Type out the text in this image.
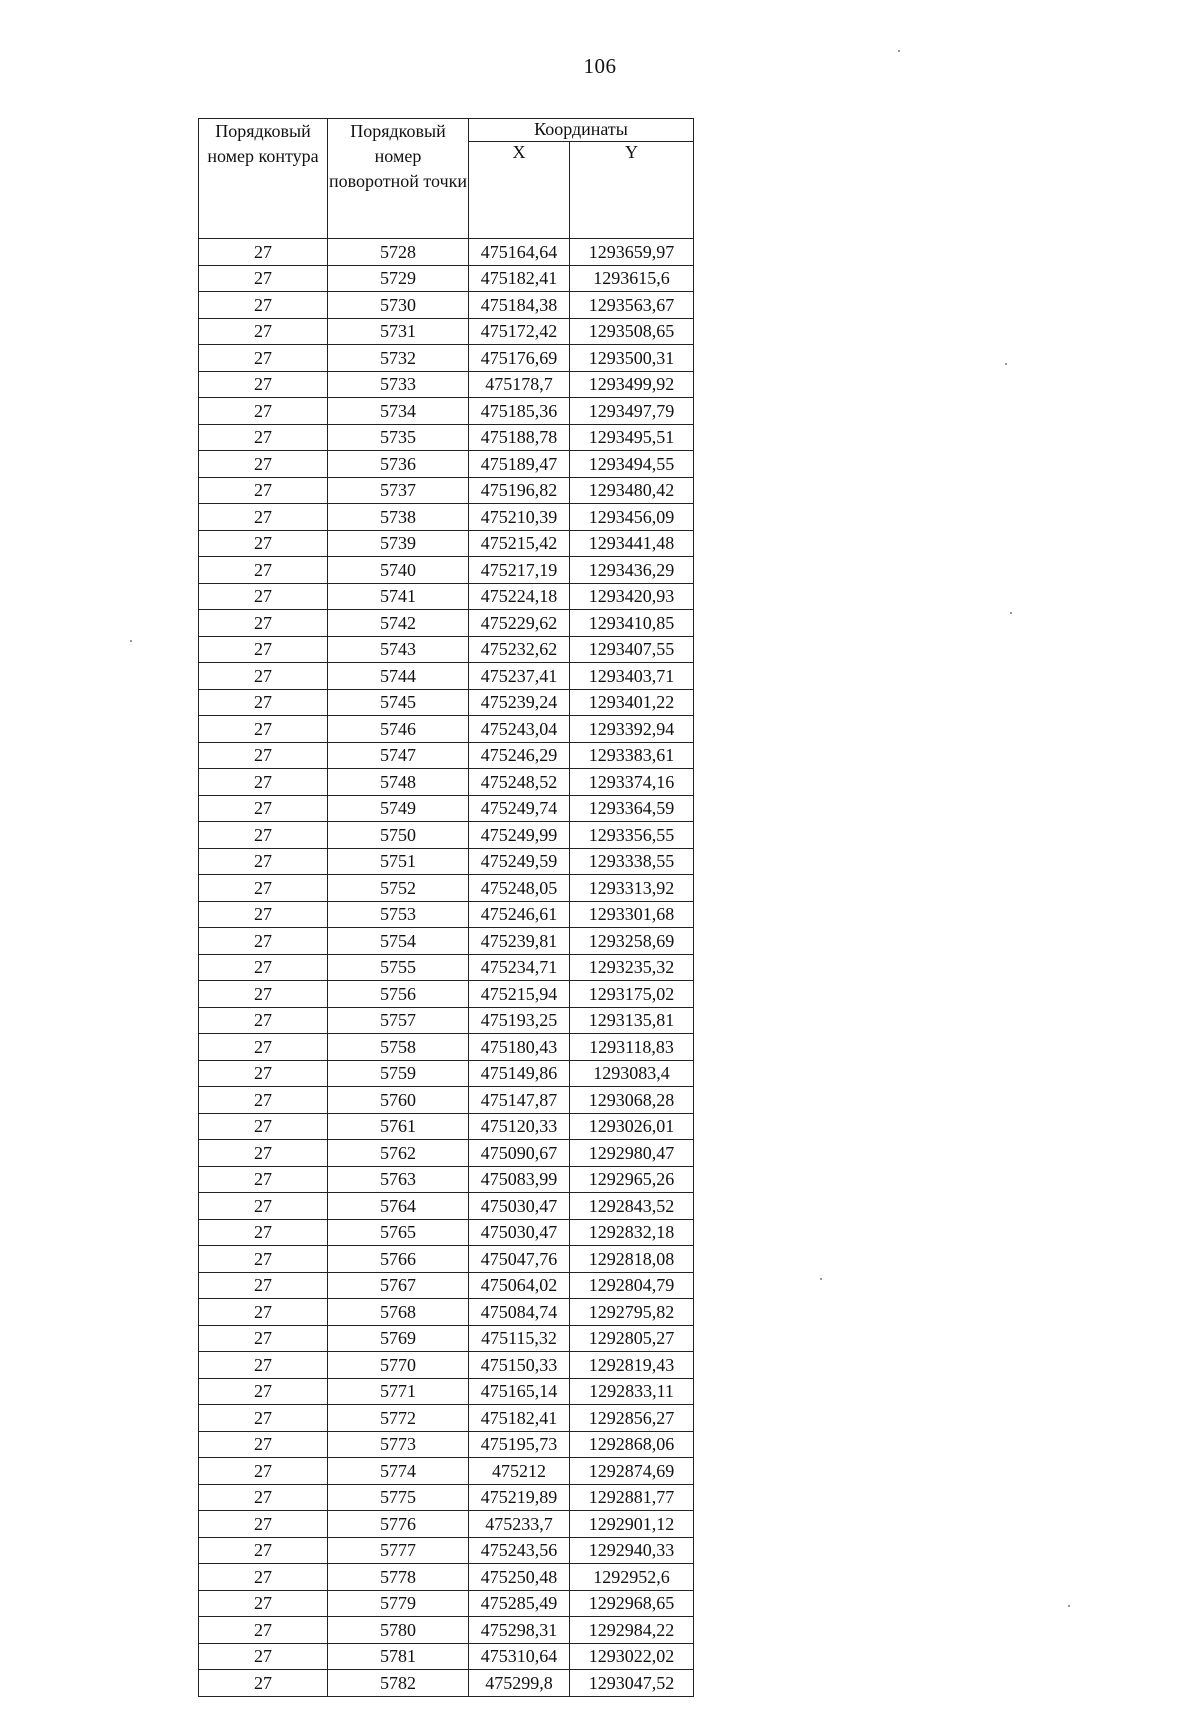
106
Порядковый номер контура	Порядковый номер поворотной точки	Координаты	
		X	Y
27	5728	475164,64	1293659,97
27	5729	475182,41	1293615,6
27	5730	475184,38	1293563,67
27	5731	475172,42	1293508,65
27	5732	475176,69	1293500,31
27	5733	475178,7	1293499,92
27	5734	475185,36	1293497,79
27	5735	475188,78	1293495,51
27	5736	475189,47	1293494,55
27	5737	475196,82	1293480,42
27	5738	475210,39	1293456,09
27	5739	475215,42	1293441,48
27	5740	475217,19	1293436,29
27	5741	475224,18	1293420,93
27	5742	475229,62	1293410,85
27	5743	475232,62	1293407,55
27	5744	475237,41	1293403,71
27	5745	475239,24	1293401,22
27	5746	475243,04	1293392,94
27	5747	475246,29	1293383,61
27	5748	475248,52	1293374,16
27	5749	475249,74	1293364,59
27	5750	475249,99	1293356,55
27	5751	475249,59	1293338,55
27	5752	475248,05	1293313,92
27	5753	475246,61	1293301,68
27	5754	475239,81	1293258,69
27	5755	475234,71	1293235,32
27	5756	475215,94	1293175,02
27	5757	475193,25	1293135,81
27	5758	475180,43	1293118,83
27	5759	475149,86	1293083,4
27	5760	475147,87	1293068,28
27	5761	475120,33	1293026,01
27	5762	475090,67	1292980,47
27	5763	475083,99	1292965,26
27	5764	475030,47	1292843,52
27	5765	475030,47	1292832,18
27	5766	475047,76	1292818,08
27	5767	475064,02	1292804,79
27	5768	475084,74	1292795,82
27	5769	475115,32	1292805,27
27	5770	475150,33	1292819,43
27	5771	475165,14	1292833,11
27	5772	475182,41	1292856,27
27	5773	475195,73	1292868,06
27	5774	475212	1292874,69
27	5775	475219,89	1292881,77
27	5776	475233,7	1292901,12
27	5777	475243,56	1292940,33
27	5778	475250,48	1292952,6
27	5779	475285,49	1292968,65
27	5780	475298,31	1292984,22
27	5781	475310,64	1293022,02
27	5782	475299,8	1293047,52
